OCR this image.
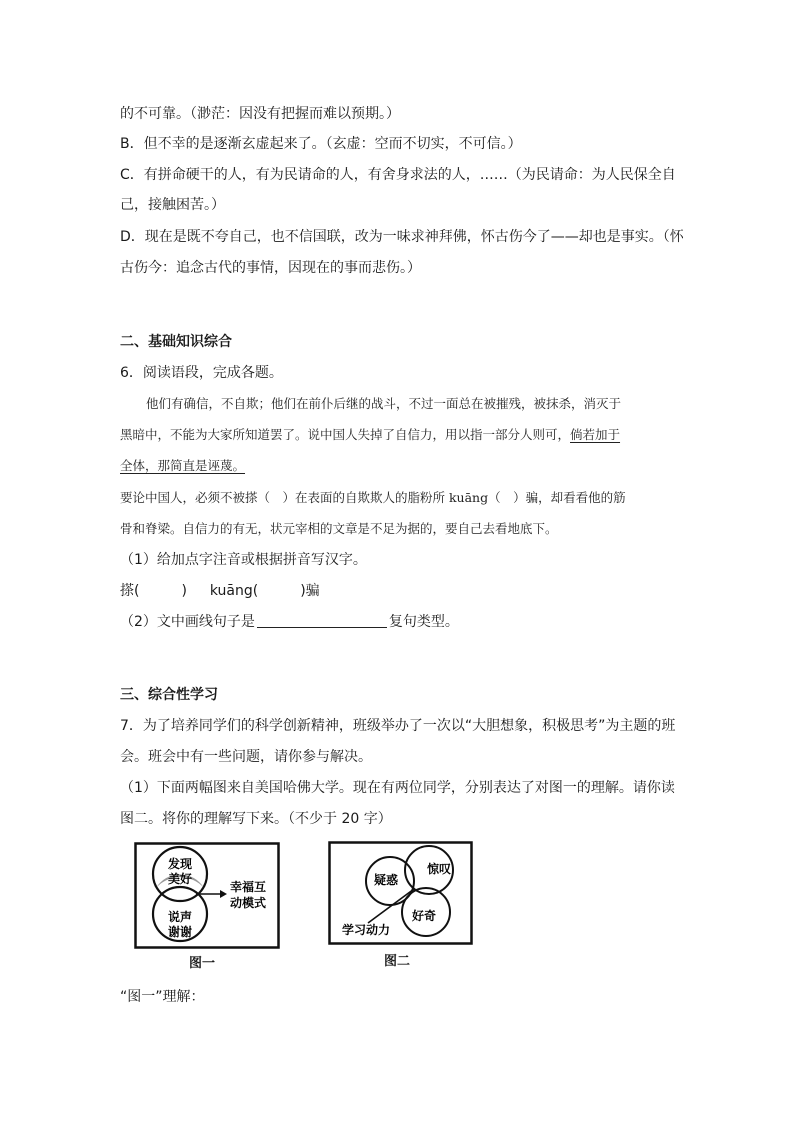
的不可靠。（渺茫：因没有把握而难以预期。）
B．但不幸的是逐渐玄虚起来了。（玄虚：空而不切实，不可信。）
C．有拼命硬干的人，有为民请命的人，有舍身求法的人，……（为民请命：为人民保全自
己，接触困苦。）
D．现在是既不夸自己，也不信国联，改为一味求神拜佛，怀古伤今了——却也是事实。（怀
古伤今：追念古代的事情，因现在的事而悲伤。）
二、基础知识综合
6．阅读语段，完成各题。
他们有确信，不自欺；他们在前仆后继的战斗，不过一面总在被摧残，被抹杀，消灭于
黑暗中，不能为大家所知道罢了。说中国人失掉了自信力，用以指一部分人则可，倘若加于
全体，那简直是诬蔑。
要论中国人，必须不被搽（　）在表面的自欺欺人的脂粉所 kuāng（　）骗，却看看他的筋
骨和脊梁。自信力的有无，状元宰相的文章是不足为据的，要自己去看地底下。
（1）给加点字注音或根据拼音写汉字。
搽(　　　) kuāng(　　　)骗
（2）文中画线句子是	复句类型。
三、综合性学习
7．为了培养同学们的科学创新精神，班级举办了一次以“大胆想象，积极思考”为主题的班
会。班会中有一些问题，请你参与解决。
（1）下面两幅图来自美国哈佛大学。现在有两位同学，分别表达了对图一的理解。请你读
图二。将你的理解写下来。（不少于 20 字）
发现
美好
说声
谢谢
幸福互
动模式
图一
疑惑
惊叹
好奇
学习动力
图二
“图一”理解：
